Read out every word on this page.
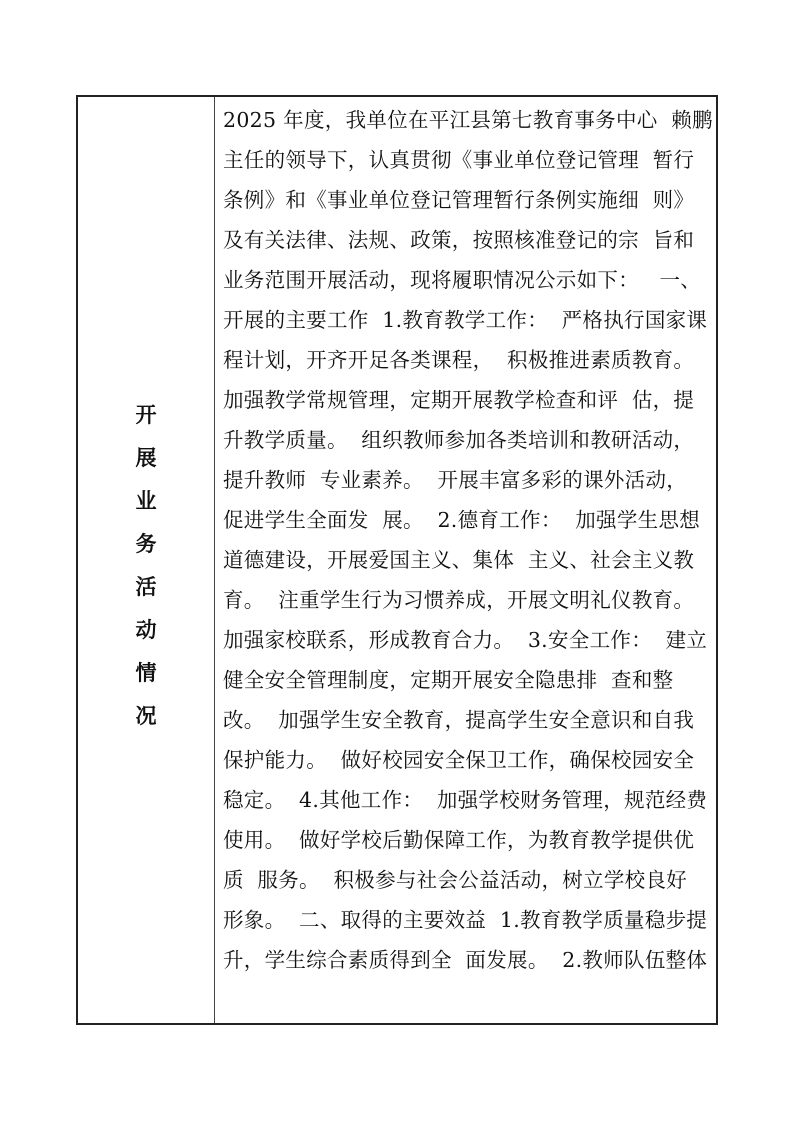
开展业务活动情况
2025 年度，我单位在平江县第七教育事务中心  赖鹏
主任的领导下，认真贯彻《事业单位登记管理  暂行
条例》和《事业单位登记管理暂行条例实施细  则》
及有关法律、法规、政策，按照核准登记的宗  旨和
业务范围开展活动，现将履职情况公示如下：   一、
开展的主要工作  1.教育教学工作：  严格执行国家课
程计划，开齐开足各类课程，  积极推进素质教育。
加强教学常规管理，定期开展教学检查和评  估，提
升教学质量。  组织教师参加各类培训和教研活动，
提升教师  专业素养。  开展丰富多彩的课外活动，
促进学生全面发  展。  2.德育工作：  加强学生思想
道德建设，开展爱国主义、集体  主义、社会主义教
育。  注重学生行为习惯养成，开展文明礼仪教育。
加强家校联系，形成教育合力。  3.安全工作：  建立
健全安全管理制度，定期开展安全隐患排  查和整
改。  加强学生安全教育，提高学生安全意识和自我
保护能力。  做好校园安全保卫工作，确保校园安全
稳定。  4.其他工作：  加强学校财务管理，规范经费
使用。  做好学校后勤保障工作，为教育教学提供优
质  服务。  积极参与社会公益活动，树立学校良好
形象。  二、取得的主要效益  1.教育教学质量稳步提
升，学生综合素质得到全  面发展。  2.教师队伍整体
